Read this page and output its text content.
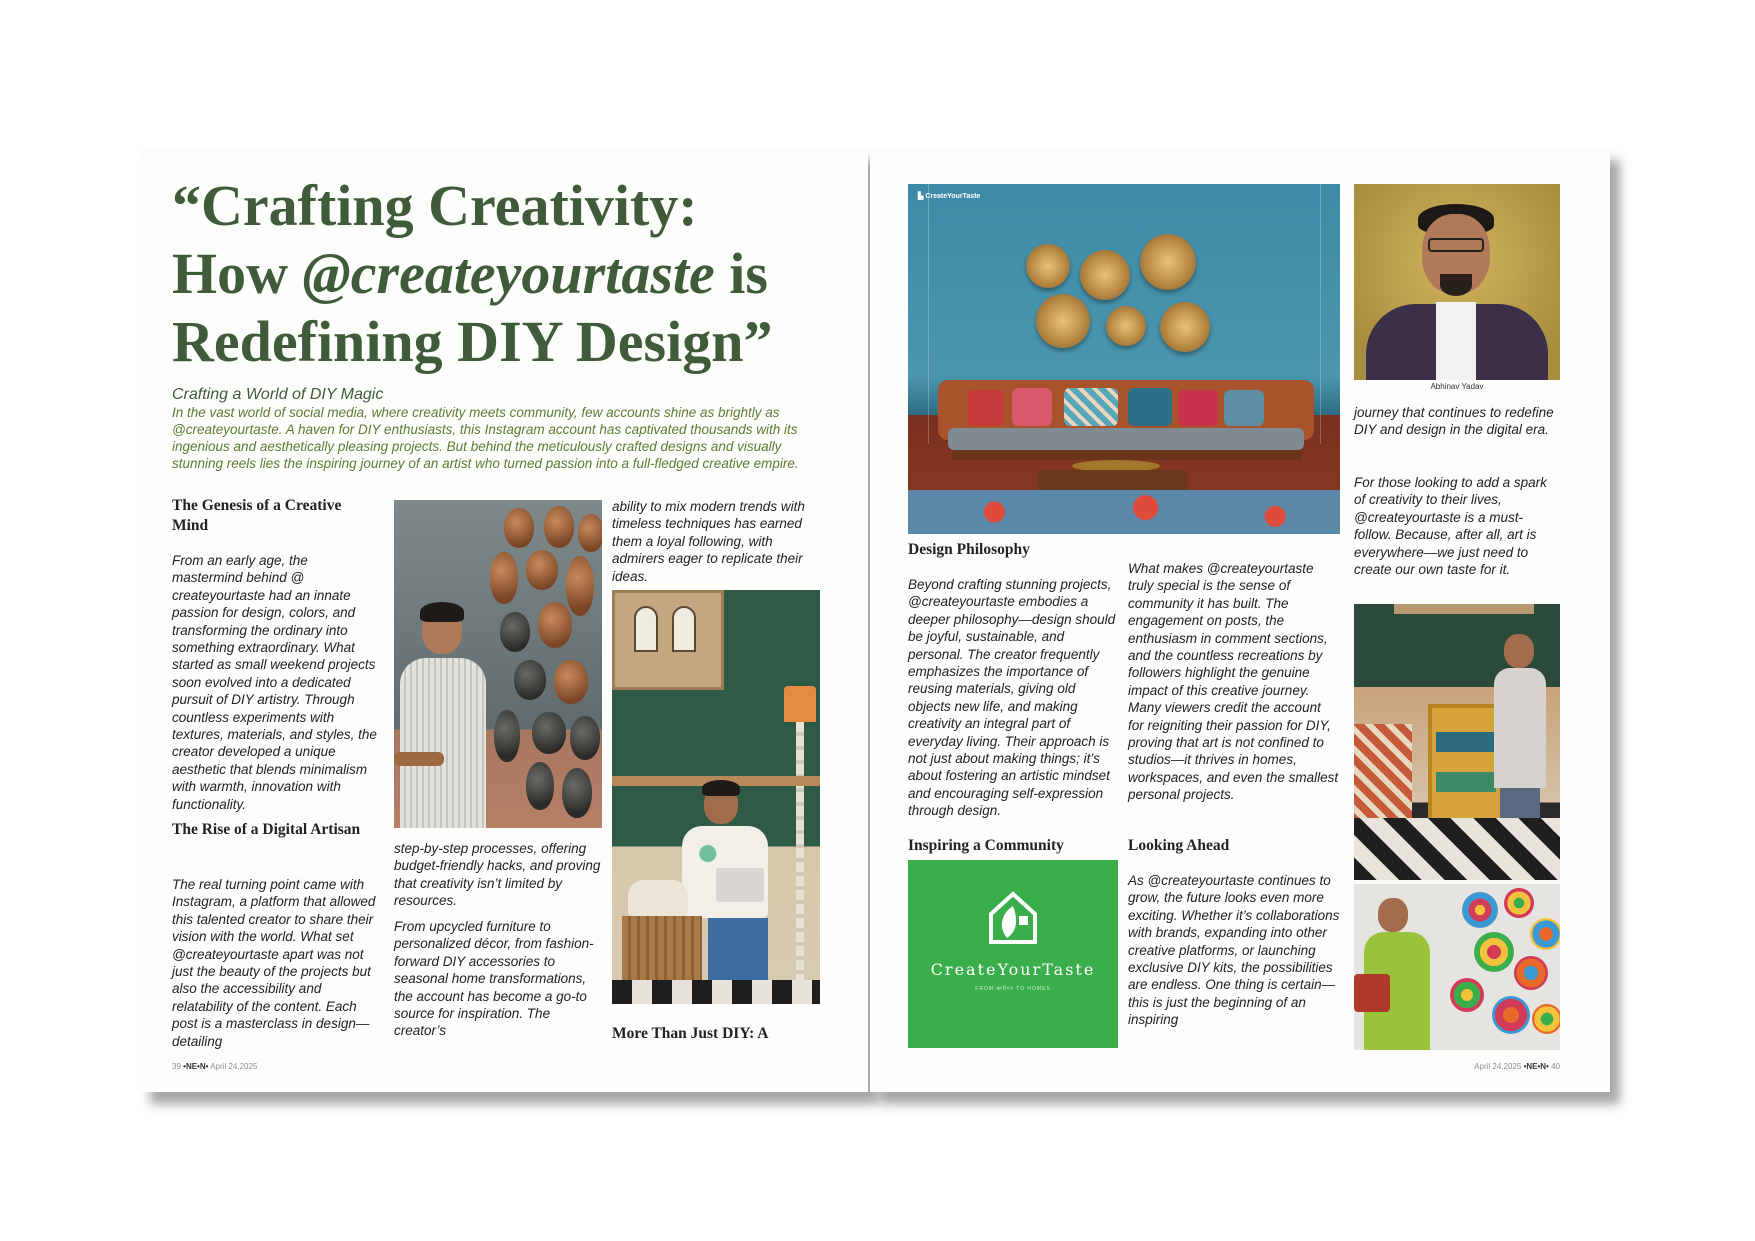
“Crafting Creativity:
How @createyourtaste is
Redefining DIY Design”
Crafting a World of DIY Magic

In the vast world of social media, where creativity meets community, few accounts shine as brightly as @createyourtaste. A haven for DIY enthusiasts, this Instagram account has captivated thousands with its ingenious and aesthetically pleasing projects. But behind the meticulously crafted designs and visually stunning reels lies the inspiring journey of an artist who turned passion into a full-fledged creative empire.

The Genesis of a Creative Mind

From an early age, the mastermind behind @ createyourtaste had an innate passion for design, colors, and transforming the ordinary into something extraordinary. What started as small weekend projects soon evolved into a dedicated pursuit of DIY artistry. Through countless experiments with textures, materials, and styles, the creator developed a unique aesthetic that blends minimalism with warmth, innovation with functionality.

The Rise of a Digital Artisan

The real turning point came with Instagram, a platform that allowed this talented creator to share their vision with the world. What set @createyourtaste apart was not just the beauty of the projects but also the accessibility and relatability of the content. Each post is a masterclass in design—detailing

step-by-step processes, offering budget-friendly hacks, and proving that creativity isn’t limited by resources.

From upcycled furniture to personalized décor, from fashion-forward DIY accessories to seasonal home transformations, the account has become a go-to source for inspiration. The creator’s

ability to mix modern trends with timeless techniques has earned them a loyal following, with admirers eager to replicate their ideas.

More Than Just DIY: A
39 •NE•N• April 24,2025
▙ CreateYourTaste
Abhinav Yadav

journey that continues to redefine DIY and design in the digital era.

For those looking to add a spark of creativity to their lives, @createyourtaste is a must-follow. Because, after all, art is everywhere—we just need to create our own taste for it.

Design Philosophy

Beyond crafting stunning projects, @createyourtaste embodies a deeper philosophy—design should be joyful, sustainable, and personal. The creator frequently emphasizes the importance of reusing materials, giving old objects new life, and making creativity an integral part of everyday living. Their approach is not just about making things; it’s about fostering an artistic mindset and encouraging self-expression through design.

Inspiring a Community
CreateYourTaste
FROM कारीगर TO HOMES

What makes @createyourtaste truly special is the sense of community it has built. The engagement on posts, the enthusiasm in comment sections, and the countless recreations by followers highlight the genuine impact of this creative journey. Many viewers credit the account for reigniting their passion for DIY, proving that art is not confined to studios—it thrives in homes, workspaces, and even the smallest personal projects.

Looking Ahead

As @createyourtaste continues to grow, the future looks even more exciting. Whether it’s collaborations with brands, expanding into other creative platforms, or launching exclusive DIY kits, the possibilities are endless. One thing is certain—this is just the beginning of an inspiring

April 24,2025 •NE•N• 40
